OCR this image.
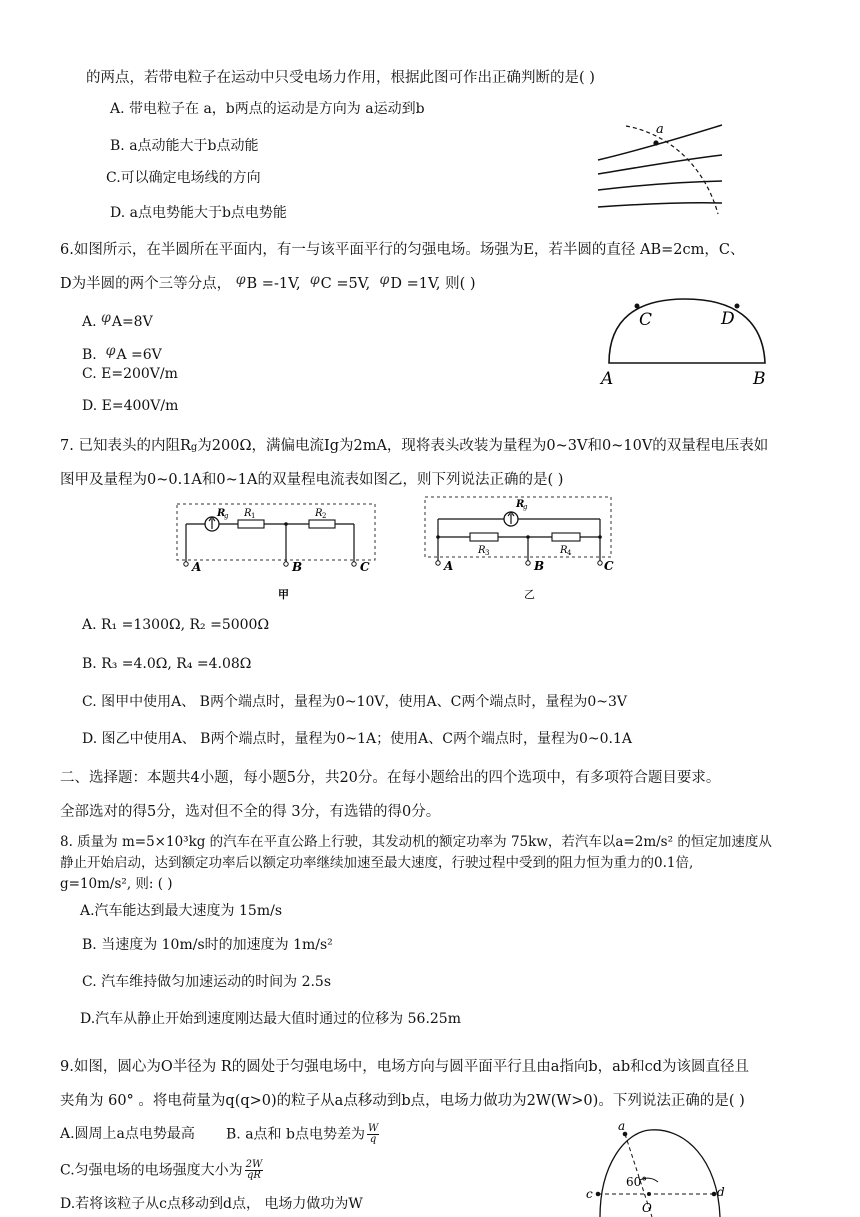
的两点，若带电粒子在运动中只受电场力作用，根据此图可作出正确判断的是( )
A. 带电粒子在 a，b两点的运动是方向为 a运动到b
B. a点动能大于b点动能
C.可以确定电场线的方向
D. a点电势能大于b点电势能
a
6.如图所示，在半圆所在平面内，有一与该平面平行的匀强电场。场强为E，若半圆的直径 AB=2cm，C、
D为半圆的两个三等分点， φB =-1V, φC =5V, φD =1V, 则( )
A. φA=8V
B. φA =6V
C. E=200V/m
D. E=400V/m
C	D
A	B
7. 已知表头的内阻Rg为200Ω，满偏电流Ig为2mA，现将表头改装为量程为0~3V和0~10V的双量程电压表如
图甲及量程为0~0.1A和0~1A的双量程电流表如图乙，则下列说法正确的是( )
R
g R 1	R 2
A	B	C
甲
R
g
R 3	R 4
A	B	C
乙
A. R₁ =1300Ω, R₂ =5000Ω
B. R₃ =4.0Ω, R₄ =4.08Ω
C. 图甲中使用A、 B两个端点时，量程为0~10V，使用A、C两个端点时，量程为0~3V
D. 图乙中使用A、 B两个端点时，量程为0~1A；使用A、C两个端点时，量程为0~0.1A
二、选择题：本题共4小题，每小题5分，共20分。在每小题给出的四个选项中，有多项符合题目要求。
全部选对的得5分，选对但不全的得 3分，有选错的得0分。
8. 质量为 m=5×10³kg 的汽车在平直公路上行驶，其发动机的额定功率为 75kw，若汽车以a=2m/s² 的恒定加速度从
静止开始启动，达到额定功率后以额定功率继续加速至最大速度，行驶过程中受到的阻力恒为重力的0.1倍,
g=10m/s², 则: ( )
A.汽车能达到最大速度为 15m/s
B. 当速度为 10m/s时的加速度为 1m/s²
C. 汽车维持做匀加速运动的时间为 2.5s
D.汽车从静止开始到速度刚达最大值时通过的位移为 56.25m
9.如图，圆心为O半径为 R的圆处于匀强电场中，电场方向与圆平面平行且由a指向b，ab和cd为该圆直径且
夹角为 60° 。将电荷量为q(q>0)的粒子从a点移动到b点，电场力做功为2W(W>0)。下列说法正确的是( )
A.圆周上a点电势最高 B. a点和 b点电势差为 $\frac{W}{q}$
C.匀强电场的电场强度大小为 $\frac{2W}{qR}$
D.若将该粒子从c点移动到d点， 电场力做功为W
a
c	d
O
60°
